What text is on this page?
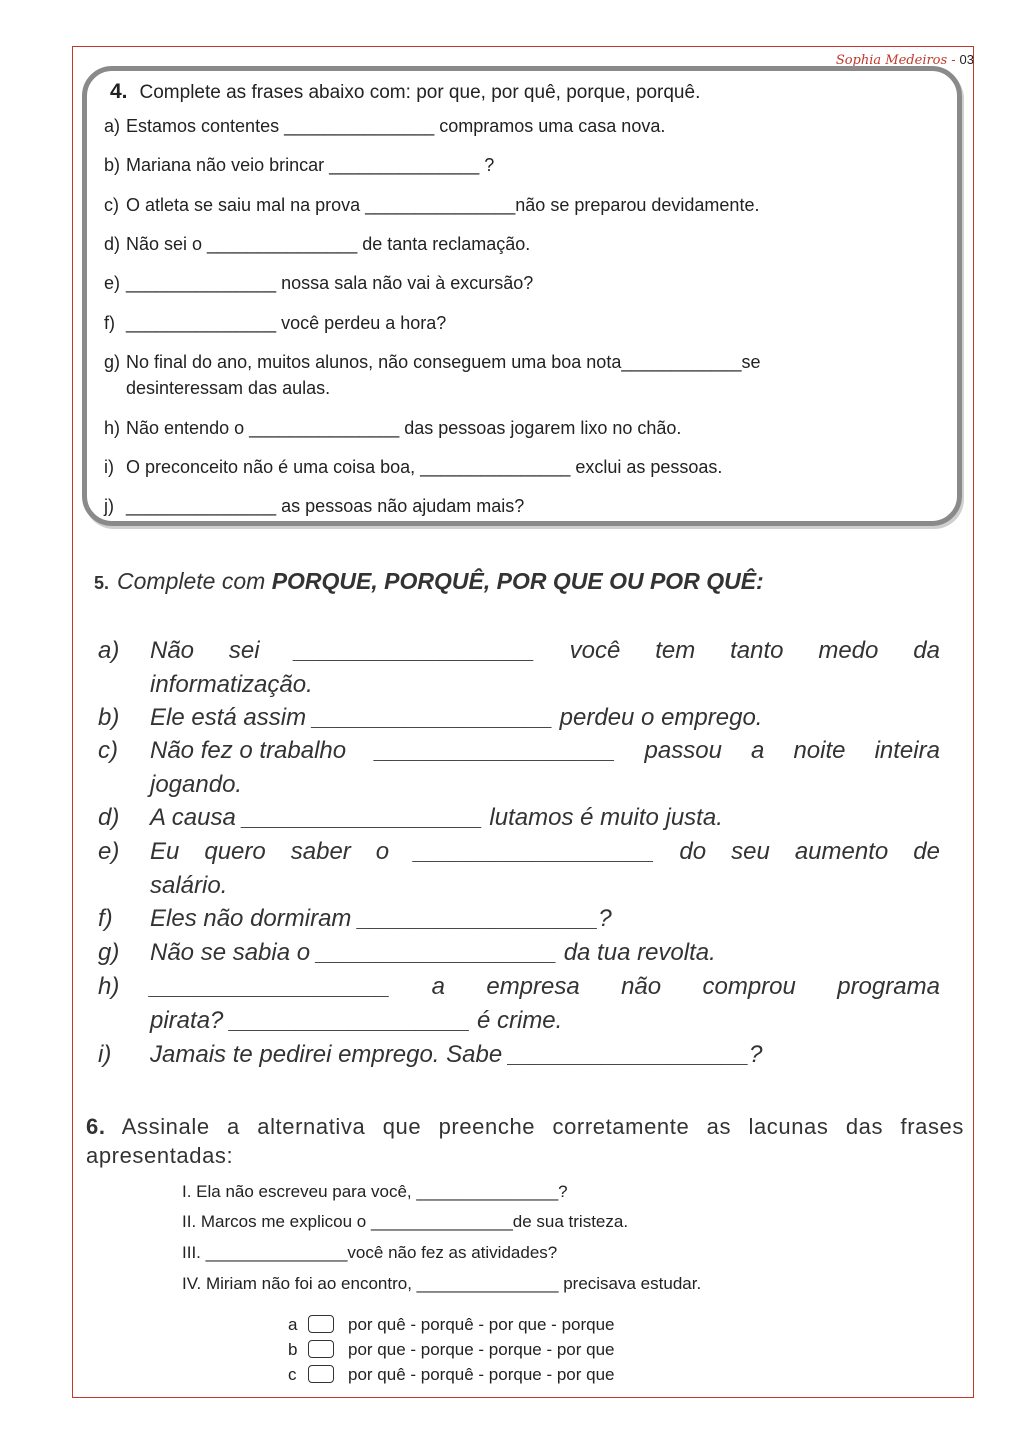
Sophia Medeiros - 03
4. Complete as frases abaixo com: por que, por quê, porque, porquê.
a) Estamos contentes _______________ compramos uma casa nova.
b) Mariana não veio brincar _______________ ?
c) O atleta se saiu mal na prova _______________não se preparou devidamente.
d) Não sei o _______________ de tanta reclamação.
e) _______________ nossa sala não vai à excursão?
f) _______________ você perdeu a hora?
g) No final do ano, muitos alunos, não conseguem uma boa nota____________se
desinteressam das aulas.
h) Não entendo o _______________ das pessoas jogarem lixo no chão.
i) O preconceito não é uma coisa boa, _______________ exclui as pessoas.
j) _______________ as pessoas não ajudam mais?
5. Complete com PORQUE, PORQUÊ, POR QUE OU POR QUÊ:
a) Não sei __________________ você tem tanto medo da
informatização.
b) Ele está assim __________________ perdeu o emprego.
c) Não fez o trabalho __________________ passou a noite inteira
jogando.
d) A causa __________________ lutamos é muito justa.
e) Eu quero saber o __________________ do seu aumento de
salário.
f) Eles não dormiram __________________?
g) Não se sabia o __________________ da tua revolta.
h) __________________ a empresa não comprou programa
pirata? __________________ é crime.
i) Jamais te pedirei emprego. Sabe __________________?
6. Assinale a alternativa que preenche corretamente as lacunas das frases apresentadas:
I. Ela não escreveu para você, _______________?
II. Marcos me explicou o _______________de sua tristeza.
III. _______________você não fez as atividades?
IV. Miriam não foi ao encontro, _______________ precisava estudar.
a	por quê - porquê - por que - porque
b	por que - porque - porque - por que
c	por quê - porquê - porque - por que
